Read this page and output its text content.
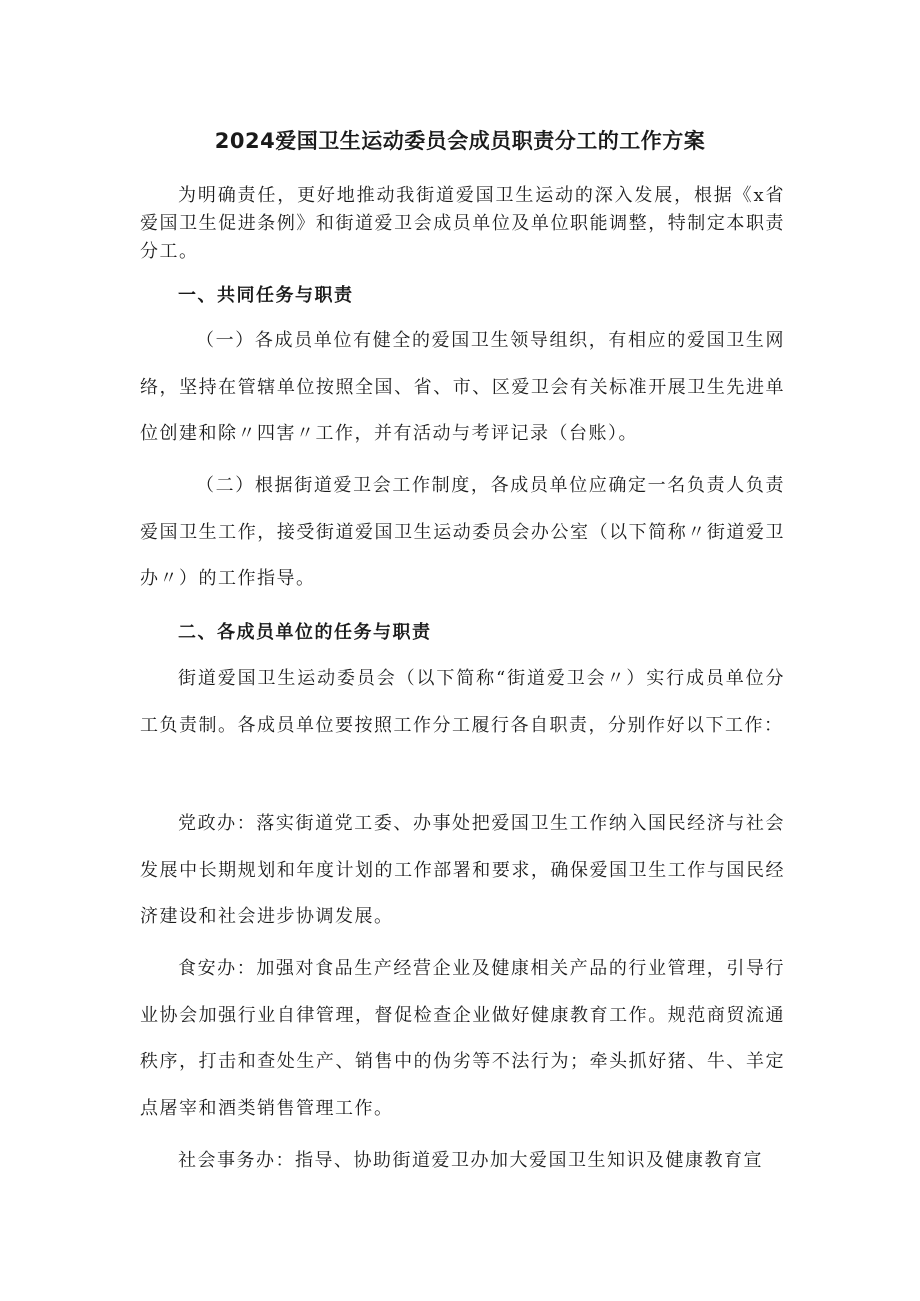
2024爱国卫生运动委员会成员职责分工的工作方案

为明确责任，更好地推动我街道爱国卫生运动的深入发展，根据《x省爱国卫生促进条例》和街道爱卫会成员单位及单位职能调整，特制定本职责分工。

一、共同任务与职责

（一）各成员单位有健全的爱国卫生领导组织，有相应的爱国卫生网络，坚持在管辖单位按照全国、省、市、区爱卫会有关标准开展卫生先进单位创建和除〃四害〃工作，并有活动与考评记录（台账）。

（二）根据街道爱卫会工作制度，各成员单位应确定一名负责人负责爱国卫生工作，接受街道爱国卫生运动委员会办公室（以下简称〃街道爱卫办〃）的工作指导。

二、各成员单位的任务与职责

街道爱国卫生运动委员会（以下简称“街道爱卫会〃）实行成员单位分工负责制。各成员单位要按照工作分工履行各自职责，分别作好以下工作：

党政办：落实街道党工委、办事处把爱国卫生工作纳入国民经济与社会发展中长期规划和年度计划的工作部署和要求，确保爱国卫生工作与国民经济建设和社会进步协调发展。

食安办：加强对食品生产经营企业及健康相关产品的行业管理，引导行业协会加强行业自律管理，督促检查企业做好健康教育工作。规范商贸流通秩序，打击和查处生产、销售中的伪劣等不法行为；牵头抓好猪、牛、羊定点屠宰和酒类销售管理工作。

社会事务办：指导、协助街道爱卫办加大爱国卫生知识及健康教育宣
